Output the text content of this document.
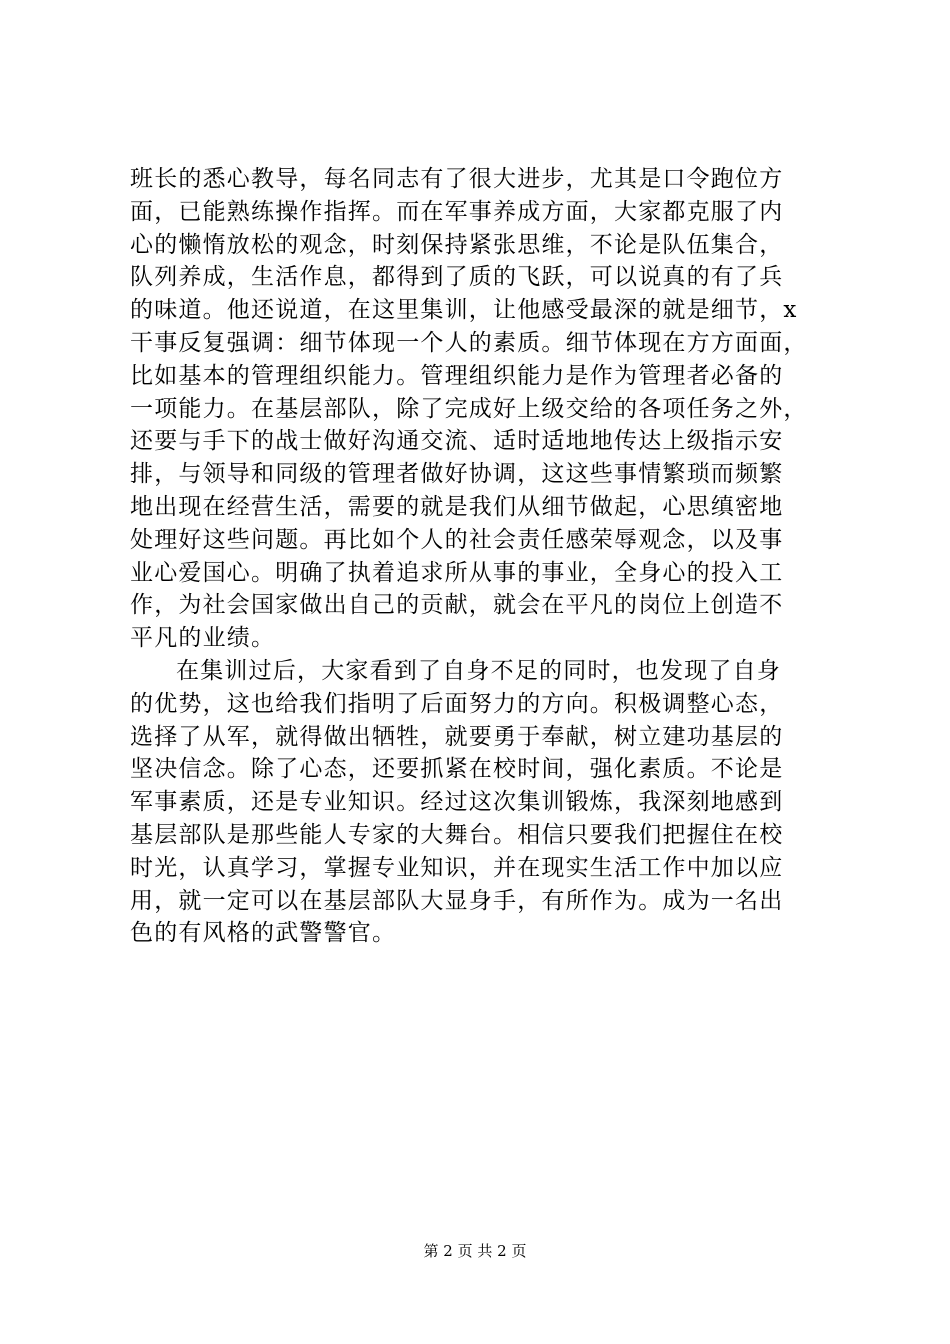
班长的悉心教导，每名同志有了很大进步，尤其是口令跑位方
面，已能熟练操作指挥。而在军事养成方面，大家都克服了内
心的懒惰放松的观念，时刻保持紧张思维，不论是队伍集合，
队列养成，生活作息，都得到了质的飞跃，可以说真的有了兵
的味道。他还说道，在这里集训，让他感受最深的就是细节，x
干事反复强调：细节体现一个人的素质。细节体现在方方面面，
比如基本的管理组织能力。管理组织能力是作为管理者必备的
一项能力。在基层部队，除了完成好上级交给的各项任务之外，
还要与手下的战士做好沟通交流、适时适地地传达上级指示安
排，与领导和同级的管理者做好协调，这这些事情繁琐而频繁
地出现在经营生活，需要的就是我们从细节做起，心思缜密地
处理好这些问题。再比如个人的社会责任感荣辱观念，以及事
业心爱国心。明确了执着追求所从事的事业，全身心的投入工
作，为社会国家做出自己的贡献，就会在平凡的岗位上创造不
平凡的业绩。
在集训过后，大家看到了自身不足的同时，也发现了自身
的优势，这也给我们指明了后面努力的方向。积极调整心态，
选择了从军，就得做出牺牲，就要勇于奉献，树立建功基层的
坚决信念。除了心态，还要抓紧在校时间，强化素质。不论是
军事素质，还是专业知识。经过这次集训锻炼，我深刻地感到
基层部队是那些能人专家的大舞台。相信只要我们把握住在校
时光，认真学习，掌握专业知识，并在现实生活工作中加以应
用，就一定可以在基层部队大显身手，有所作为。成为一名出
色的有风格的武警警官。
第 2 页 共 2 页
